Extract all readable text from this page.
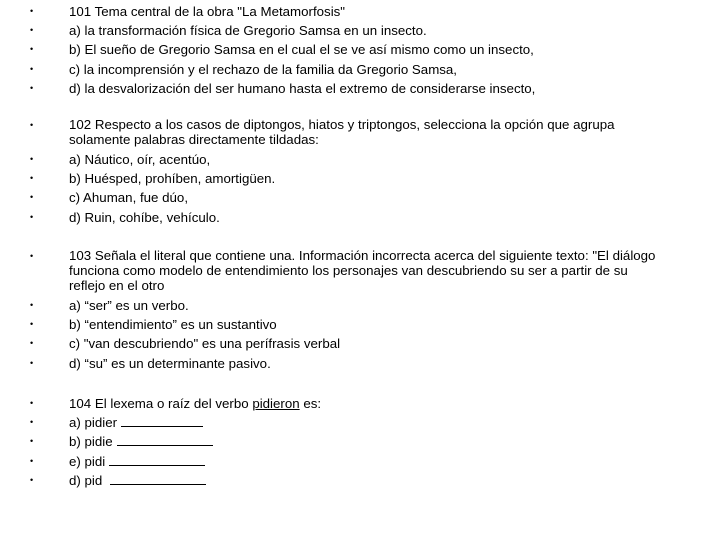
•	101 Tema central de la obra "La Metamorfosis"
•	a) la transformación física de Gregorio Samsa en un insecto.
•	b) El sueño de Gregorio Samsa en el cual el se ve así mismo como un insecto,
•	c) la incomprensión y el rechazo de la familia da Gregorio Samsa,
•	d) la desvalorización del ser humano hasta el extremo de considerarse insecto,
•	102 Respecto a los casos de diptongos, hiatos y triptongos, selecciona la opción que agrupa solamente palabras directamente tildadas:
•	a) Náutico, oír, acentúo,
•	b) Huésped, prohíben, amortigüen.
•	c) Ahuman, fue dúo,
•	d) Ruin, cohíbe, vehículo.
•	103 Señala el literal que contiene una. Información incorrecta acerca del siguiente texto: "El diálogo funciona como modelo de entendimiento los personajes van descubriendo su ser a partir de su reflejo en el otro
•	a) “ser” es un verbo.
•	b) “entendimiento” es un sustantivo
•	c) "van descubriendo" es una perífrasis verbal
•	d) “su” es un determinante pasivo.
•	104 El lexema o raíz del verbo pidieron es:
•	a) pidier
•	b) pidie
•	e) pidi
•	d) pid
